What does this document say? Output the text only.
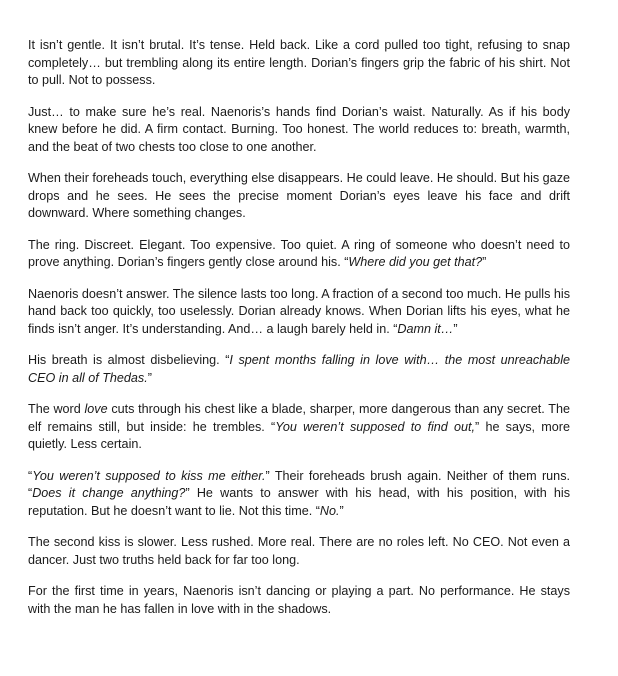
It isn’t gentle. It isn’t brutal. It’s tense. Held back. Like a cord pulled too tight, refusing to snap completely… but trembling along its entire length. Dorian’s fingers grip the fabric of his shirt. Not to pull. Not to possess.

Just… to make sure he’s real. Naenoris’s hands find Dorian’s waist. Naturally. As if his body knew before he did. A firm contact. Burning. Too honest. The world reduces to: breath, warmth, and the beat of two chests too close to one another.

When their foreheads touch, everything else disappears. He could leave. He should. But his gaze drops and he sees. He sees the precise moment Dorian’s eyes leave his face and drift downward. Where something changes.

The ring. Discreet. Elegant. Too expensive. Too quiet. A ring of someone who doesn’t need to prove anything. Dorian’s fingers gently close around his. “Where did you get that?”

Naenoris doesn’t answer. The silence lasts too long. A fraction of a second too much. He pulls his hand back too quickly, too uselessly. Dorian already knows. When Dorian lifts his eyes, what he finds isn’t anger. It’s understanding. And… a laugh barely held in. “Damn it…”

His breath is almost disbelieving. “I spent months falling in love with… the most unreachable CEO in all of Thedas.”

The word love cuts through his chest like a blade, sharper, more dangerous than any secret. The elf remains still, but inside: he trembles. “You weren’t supposed to find out,” he says, more quietly. Less certain.

“You weren’t supposed to kiss me either.” Their foreheads brush again. Neither of them runs. “Does it change anything?” He wants to answer with his head, with his position, with his reputation. But he doesn’t want to lie. Not this time. “No.”

The second kiss is slower. Less rushed. More real. There are no roles left. No CEO. Not even a dancer. Just two truths held back for far too long.

For the first time in years, Naenoris isn’t dancing or playing a part. No performance. He stays with the man he has fallen in love with in the shadows.
